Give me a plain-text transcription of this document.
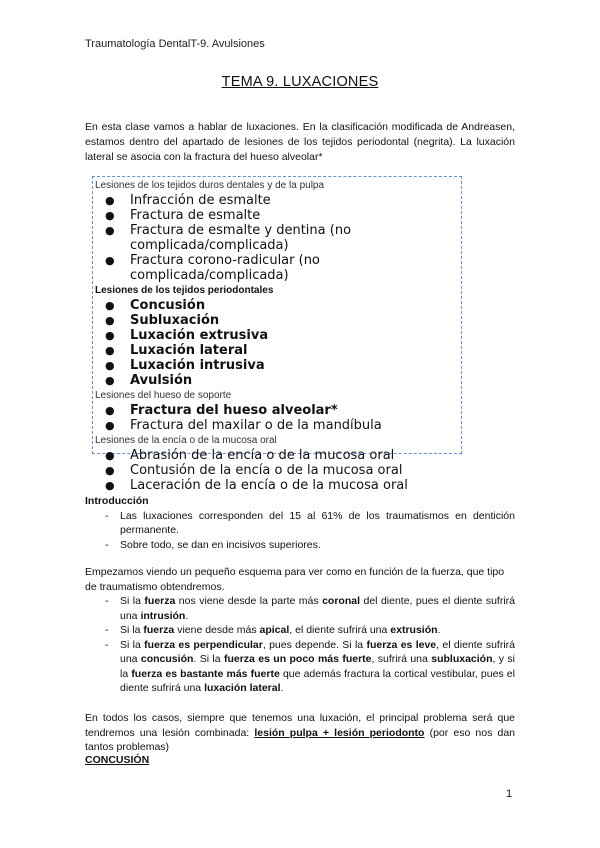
Traumatología DentalT-9. Avulsiones
TEMA 9. LUXACIONES
En esta clase vamos a hablar de luxaciones. En la clasificación modificada de Andreasen, estamos dentro del apartado de lesiones de los tejidos periodontal (negrita). La luxación lateral se asocia con la fractura del hueso alveolar*
Lesiones de los tejidos duros dentales y de la pulpa
● Infracción de esmalte
● Fractura de esmalte
● Fractura de esmalte y dentina (no
complicada/complicada)
● Fractura corono-radicular (no
complicada/complicada)
Lesiones de los tejidos periodontales
● Concusión
● Subluxación
● Luxación extrusiva
● Luxación lateral
● Luxación intrusiva
● Avulsión
Lesiones del hueso de soporte
● Fractura del hueso alveolar*
● Fractura del maxilar o de la mandíbula
Lesiones de la encía o de la mucosa oral
● Abrasión de la encía o de la mucosa oral
● Contusión de la encía o de la mucosa oral
● Laceración de la encía o de la mucosa oral
Introducción
- Las luxaciones corresponden del 15 al 61% de los traumatismos en dentición permanente.
- Sobre todo, se dan en incisivos superiores.
Empezamos viendo un pequeño esquema para ver como en función de la fuerza, que tipo de traumatismo obtendremos.
- Si la fuerza nos viene desde la parte más coronal del diente, pues el diente sufrirá una intrusión.
- Si la fuerza viene desde más apical, el diente sufrirá una extrusión.
- Si la fuerza es perpendicular, pues depende. Si la fuerza es leve, el diente sufrirá una concusión. Si la fuerza es un poco más fuerte, sufrirá una subluxación, y si la fuerza es bastante más fuerte que además fractura la cortical vestibular, pues el diente sufrirá una luxación lateral.
En todos los casos, siempre que tenemos una luxación, el principal problema será que tendremos una lesión combinada: lesión pulpa + lesión periodonto (por eso nos dan tantos problemas)
CONCUSIÓN
1
